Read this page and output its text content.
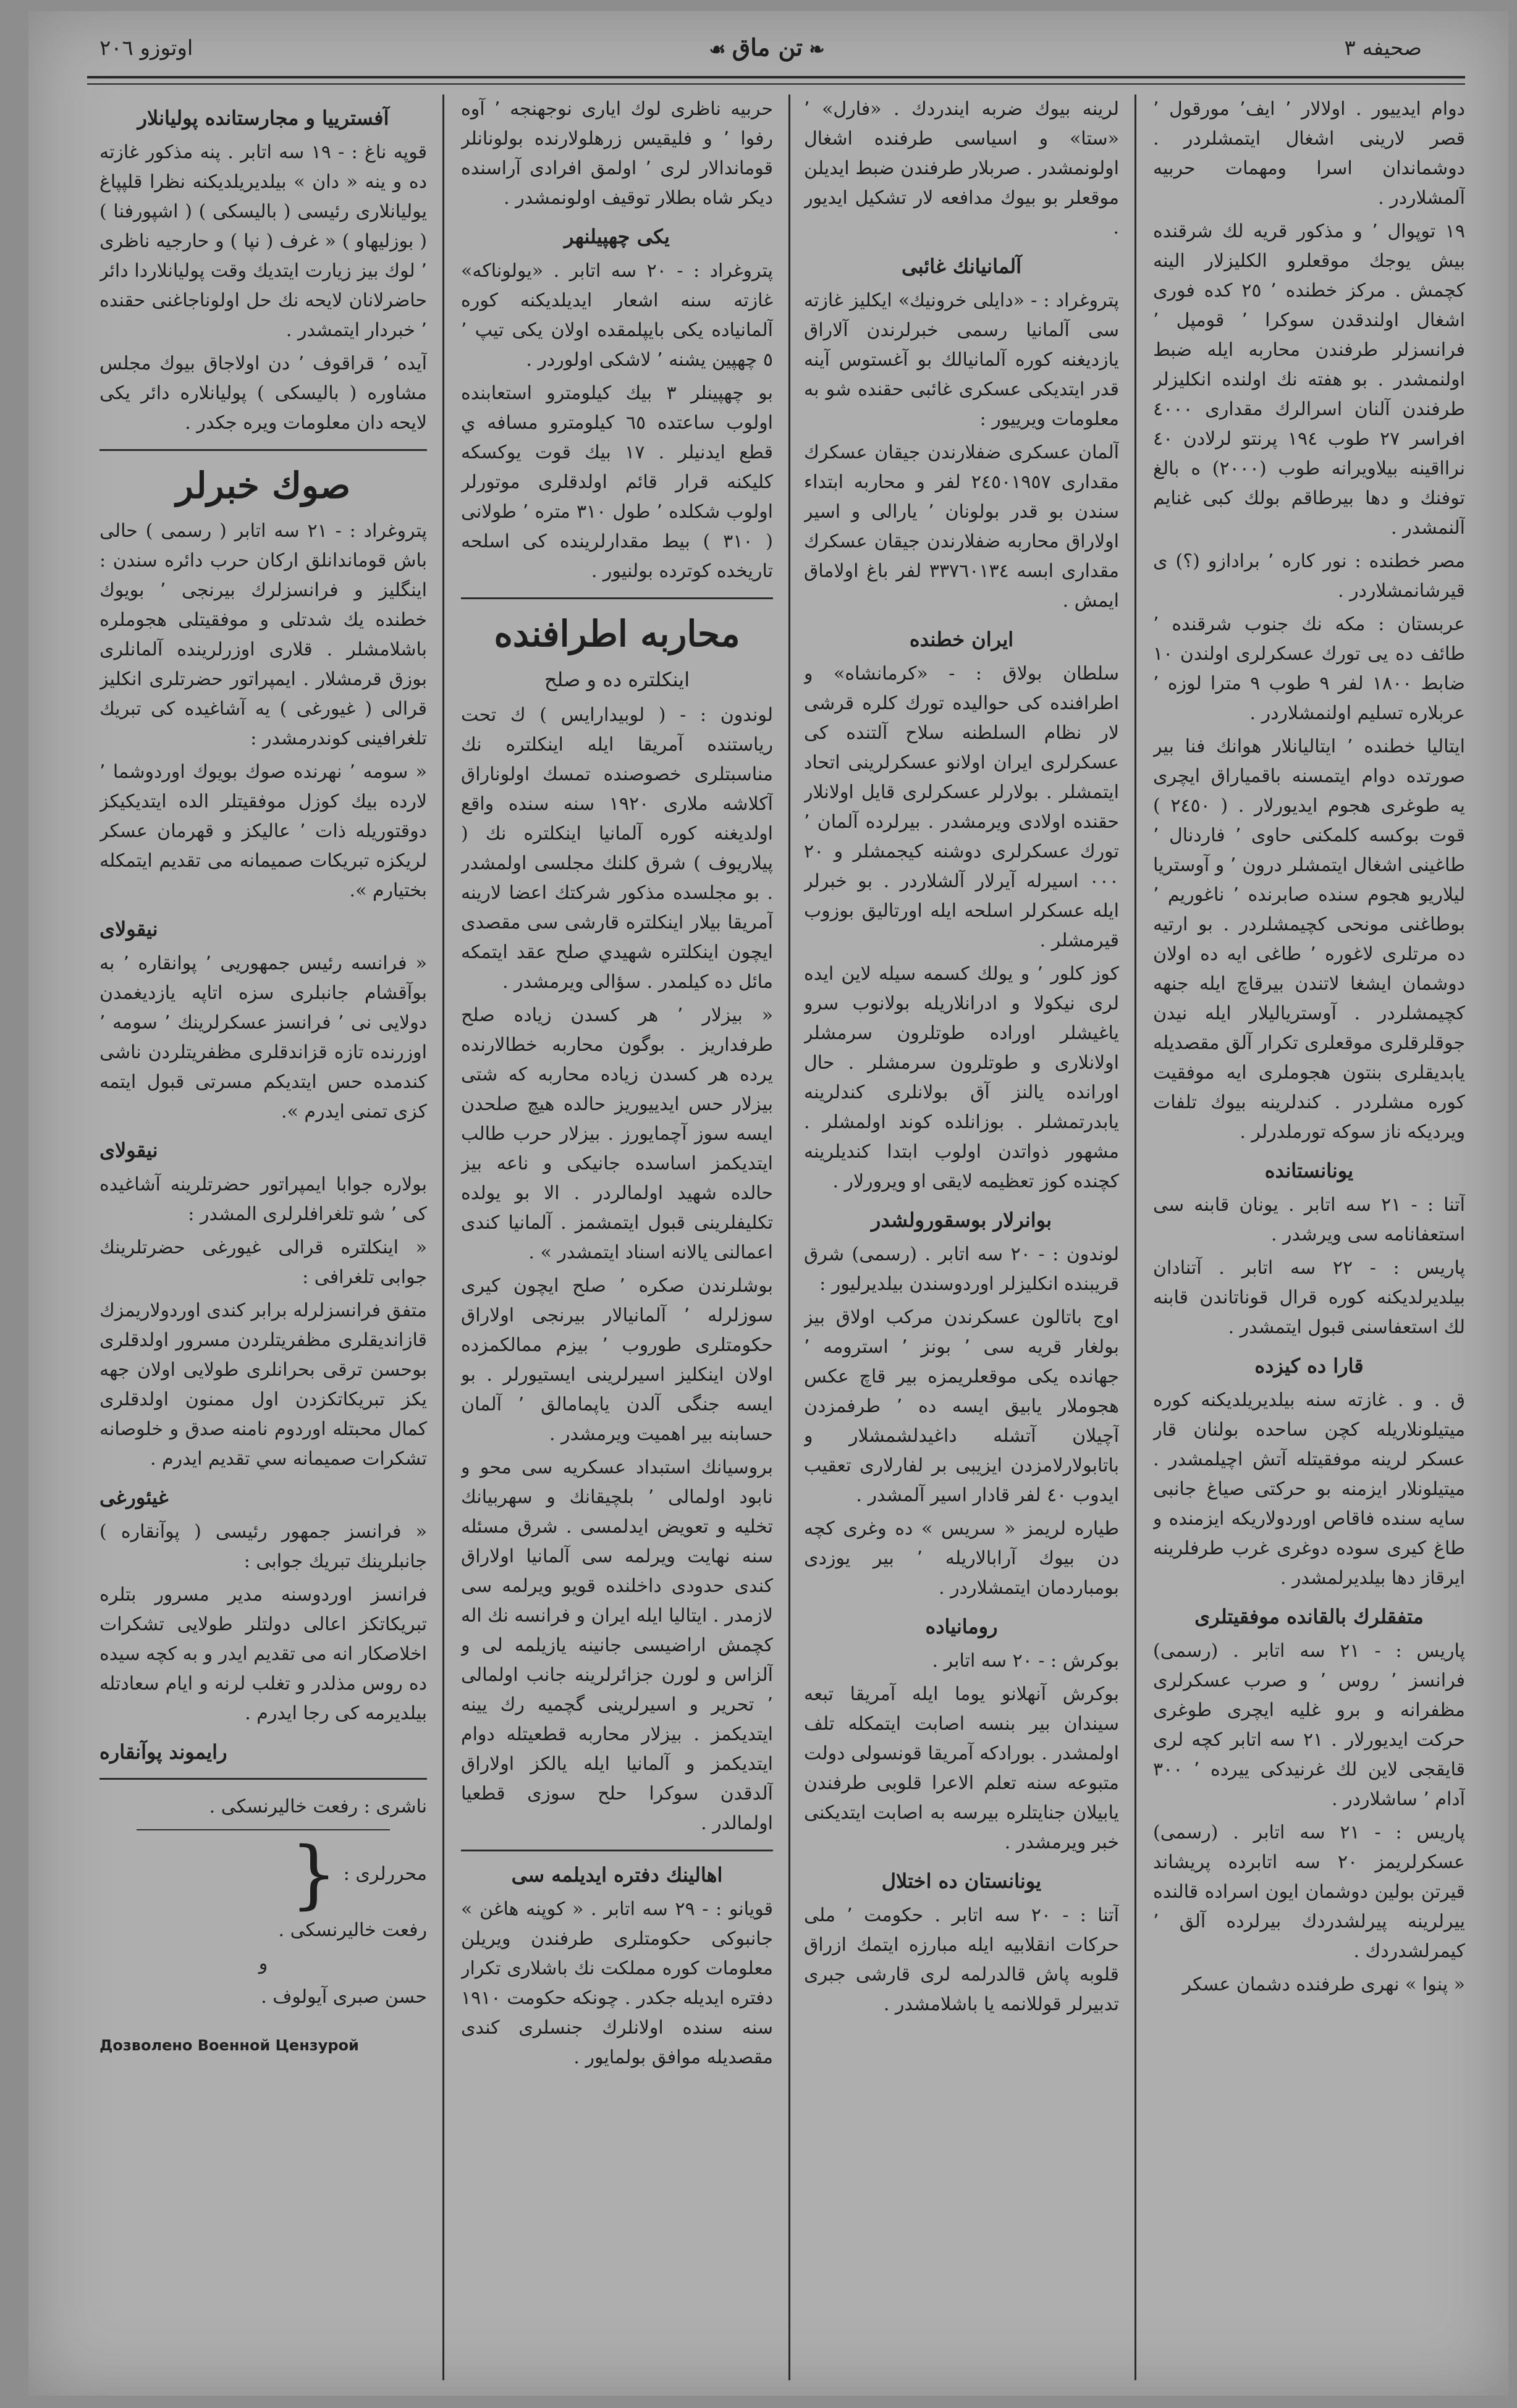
صحيفه ۳
❧ تن ماق ☙
اوتوزو ۲۰٦

دوام ايدييور . اولالار ٬ ايف٬ مورقول ٬ قصر لارينى اشغال ايتمشلردر . دوشماندان اسرا ومهمات حربيه آلمشلاردر .

١٩ توپوال ٬ و مذكور قريه لك شرقنده بيش يوجك موقعلرو الكليزلار الينه كچمش . مركز خطنده ٬ ٢٥ كده فورى اشغال اولندقدن سوكرا ٬ قومپل ٬ فرانسزلر طرفندن محاربه ايله ضبط اولنمشدر . بو هفته نك اولنده انكليزلر طرفندن آلنان اسرالرك مقدارى ٤٠٠٠ افراسر ٢٧ طوب ١٩٤ پرنتو لرلادن ٤٠ نرااقينه بيلاويرانه طوب (٢٠٠٠) ه بالغ توفنك و دها بيرطاقم بولك كبى غنايم آلنمشدر .

مصر خطنده : نور كاره ٬ برادازو (؟) ى قيرشانمشلاردر .

عربستان : مكه نك جنوب شرقنده ٬ طائف ده يى تورك عسكرلرى اولندن ١٠ ضابط ١٨٠٠ لفر ٩ طوب ٩ مترا لوزه ٬ عربلاره تسليم اولنمشلاردر .

ايتاليا خطنده ٬ ايتاليانلار هوانك فنا بير صورتده دوام ايتمسنه باقمياراق ايچرى يه طوغرى هجوم ايديورلار . ( ٢٤٥٠ ) قوت بوكسه كلمكنى حاوى ٬ فاردنال ٬ طاغينى اشغال ايتمشلر درون ٬ و آوستريا ليلاريو هجوم سنده صابرنده ٬ ناغوريم ٬ بوطاغنى مونحى كچيمشلردر . بو ارتيه ده مرتلرى لاغوره ٬ طاغى ايه ده اولان دوشمان ايشغا لاتندن بيرقاچ ايله جنهه كچيمشلردر . آوسترياليلار ايله نيدن جوقلرقلرى موقعلرى تكرار آلق مقصديله يابديقلرى بنتون هجوملرى ايه موفقيت كوره مشلردر . كندلرينه بيوك تلفات ويرديكه ناز سوكه تورملدرلر .

يونانستانده

آتنا : - ٢١ سه اتابر . يونان قابنه سى استعفانامه سى ويرشدر .

پاريس : - ٢٢ سه اتابر . آتنادان بيلديرلديكنه كوره قرال قوناتاندن قابنه لك استعفاسنى قبول ايتمشدر .

قارا ده كيزده

ق . و . غازته سنه بيلديريلديكنه كوره ميتيلونلاريله كچن ساحده بولنان قار عسكر لرينه موفقيتله آتش اچيلمشدر . ميتيلونلار ايزمنه بو حركتى صياغ جانبى سايه سنده فاقاص اوردولاريكه ايزمنده و طاغ كيرى سوده دوغرى غرب طرفلرينه ايرقاز دها بيلديرلمشدر .

متفقلرك بالقانده موفقيتلرى

پاريس : - ٢١ سه اتابر . (رسمى) فرانسز ٬ روس ٬ و صرب عسكرلرى مظفرانه و برو غليه ايچرى طوغرى حركت ايديورلار . ٢١ سه اتابر كچه لرى قايقجى لاين لك غرنيدكى ييرده ٬ ٣٠٠ آدام ٬ ساشلاردر .

پاريس : - ٢١ سه اتابر . (رسمى) عسكرلريمز ٢٠ سه اتابرده پريشاند قيرتن بولين دوشمان ايون اسراده قالنده ييرلرينه پيرلشدردك بيرلرده آلق ٬ كيمرلشدردك .

« پنوا » نهرى طرفنده دشمان عسكر

لرينه بيوك ضربه ايندردك . «فارل» ٬ «ستا» و اسياسى طرفنده اشغال اولونمشدر . صربلار طرفندن ضبط ايديلن موقعلر بو بيوك مدافعه لار تشكيل ايديور .

آلمانيانك غائبى

پتروغراد : - «دايلى خرونيك» ايكليز غازته سى آلمانيا رسمى خبرلرندن آلاراق يازديغنه كوره آلمانيالك بو آغستوس آينه قدر ايتديكى عسكرى غائبى حقنده شو به معلومات ويرييور :

آلمان عسكرى ضفلارندن جيقان عسكرك مقدارى ٢٤٥٠١٩٥٧ لفر و محاربه ابتداء سندن بو قدر بولونان ٬ يارالى و اسير اولاراق محاربه ضفلارندن جيقان عسكرك مقدارى ابسه ٣٣٧٦٠١٣٤ لفر باغ اولاماق ايمش .

ايران خطنده

سلطان بولاق : - «كرمانشاه» و اطرافنده كى حواليده تورك كلره قرشى لار نظام السلطنه سلاح آلتنده كى عسكرلرى ايران اولانو عسكرلرينى اتحاد ايتمشلر . بولارلر عسكرلرى قايل اولانلار حقنده اولادى ويرمشدر . بيرلرده آلمان ٬ تورك عسكرلرى دوشنه كيجمشلر و ٢٠ ٠٠٠ اسيرله آيرلار آلشلاردر . بو خبرلر ايله عسكرلر اسلحه ايله اورتاليق بوزوب قيرمشلر .

كوز كلور ٬ و يولك كسمه سيله لاين ايده لرى نيكولا و ادرانلاريله بولانوب سرو ياغيشلر اوراده طوتلرون سرمشلر اولانلارى و طوتلرون سرمشلر . حال اورانده يالنز آق بولانلرى كندلرينه يابدرتمشلر . بوزانلده كوند اولمشلر . مشهور ذواتدن اولوب ابتدا كنديلرينه كچنده كوز تعظيمه لايقى او ويرورلار .

بوانرلار بوسقورولشدر

لوندون : - ٢٠ سه اتابر . (رسمى) شرق قريبنده انكليزلر اوردوسندن بيلديرليور :

اوج باتالون عسكرندن مركب اولاق بيز بولغار قريه سى ٬ بونز ٬ استرومه ٬ جهانده يكى موقعلريمزه بير قاچ عكس هجوملار يابيق ايسه ده ٬ طرفمزدن آچيلان آتشله داغيدلشمشلار و باتابولارلامزدن ايزيبى بر لفارلارى تعقيب ايدوب ٤٠ لفر قادار اسير آلمشدر .

طياره لريمز « سريس » ده وغرى كچه دن بيوك آرابالاريله ٬ بير يوزدى بومباردمان ايتمشلاردر .

رومانياده

بوكرش : - ٢٠ سه اتابر .

بوكرش آنهلانو يوما ايله آمريقا تبعه سيندان بير بنسه اصابت ايتمكله تلف اولمشدر . بورادكه آمريقا قونسولى دولت متبوعه سنه تعلم الاعرا قلوبى طرفندن يابيلان جنايتلره بيرسه به اصابت ايتديكنى خبر ويرمشدر .

يونانستان ده اختلال

آتنا : - ٢٠ سه اتابر . حكومت ٬ ملى حركات انقلابيه ايله مبارزه ايتمك ازراق قلوبه پاش قالدرلمه لرى قارشى جبرى تدبيرلر قوللانمه يا باشلامشدر .

حربيه ناظرى لوك ايارى نوجهنجه ٬ آوه رفوا ٬ و فليقيس زرهلولارنده بولونانلر قوماندالار لرى ٬ اولمق افرادى آراسنده ديكر شاه بطلار توقيف اولونمشدر .

يكى چهپيلنهر

پتروغراد : - ٢٠ سه اتابر . «يولوناكه» غازته سنه اشعار ايديلديكنه كوره آلمانياده يكى بايپلمقده اولان يكى تيپ ٬ ٥ چهپين يشنه ٬ لاشكى اولوردر .

بو چهپينلر ٣ بيك كيلومترو استعابنده اولوب ساعتده ٦٥ كيلومترو مسافه ي قطع ايدنيلر . ١٧ بيك قوت يوكسكه كليكنه قرار قائم اولدقلرى موتورلر اولوب شكلده ٬ طول ٣١٠ متره ٬ طولانى ( ٣١٠ ) بيط مقدارلرينده كى اسلحه تاريخده كوترده بولنيور .

محاربه اطرافنده
اينكلتره ده و صلح

لوندون : - ( لوبيدارايس ) ك تحت رياستنده آمريقا ايله اينكلتره نك مناسبتلرى خصوصنده تمسك اولوناراق آكلاشه ملارى ١٩٢٠ سنه سنده واقع اولديغنه كوره آلمانيا اينكلتره نك ( پيلاريوف ) شرق كلنك مجلسى اولمشدر . بو مجلسده مذكور شركتك اعضا لارينه آمريقا بيلار اينكلتره قارشى سى مقصدى ايچون اينكلتره شهيدي صلح عقد ايتمكه مائل ده كيلمدر . سؤالى ويرمشدر .

« بيزلار ٬ هر كسدن زياده صلح طرفداريز . بوگون محاربه خطالارنده يرده هر كسدن زياده محاربه كه شتى بيزلار حس ايدييوريز حالده هيچ صلحدن ايسه سوز آچمايورز . بيزلار حرب طالب ايتديكمز اساسده جانيكى و ناعه بيز حالده شهيد اولمالردر . الا بو يولده تكليفلرينى قبول ايتمشمز . آلمانيا كندى اعمالنى يالانه اسناد ايتمشدر » .

بوشلرندن صكره ٬ صلح ايچون كيرى سوزلرله ٬ آلمانيالار بيرنجى اولاراق حكومتلرى طوروب ٬ بيزم ممالكمزده اولان اينكليز اسيرلرينى ايستيورلر . بو ايسه جنگى آلدن ياپمامالق ٬ آلمان حسابنه بير اهميت ويرمشدر .

بروسيانك استبداد عسكريه سى محو و نابود اولمالى ٬ بلچيقانك و سهربيانك تخليه و تعويض ايدلمسى . شرق مسئله سنه نهايت ويرلمه سى آلمانيا اولاراق كندى حدودى داخلنده قويو ويرلمه سى لازمدر . ايتاليا ايله ايران و فرانسه نك اله كچمش اراضيسى جانينه يازيلمه لى و آلزاس و لورن جزائرلرينه جانب اولمالى ٬ تحرير و اسيرلرينى گچميه رك يينه ايتديكمز . بيزلار محاربه قطعيتله دوام ايتديكمز و آلمانيا ايله يالكز اولاراق آلدقدن سوكرا حلح سوزى قطعيا اولمالدر .

اهالينك دفتره ايديلمه سى

قويانو : - ٢٩ سه اتابر . « كوپنه هاغن » جانبوكى حكومتلرى طرفندن ويريلن معلومات كوره مملكت نك باشلارى تكرار دفتره ايديله جكدر . چونكه حكومت ١٩١٠ سنه سنده اولانلرك جنسلرى كندى مقصديله موافق بولمايور .

آفسترييا و مجارستانده پوليانلار

قوپه ناغ : - ١٩ سه اتابر . پنه مذكور غازته ده و ينه « دان » بيلديريلديكنه نظرا قلپپاغ يوليانلارى رئيسى ( باليسكى ) ( اشپورفنا ) ( بوزليهاو ) « غرف ( نپا ) و حارجيه ناظرى ٬ لوك بيز زيارت ايتديك وقت پوليانلاردا دائر حاضرلانان لايحه نك حل اولوناجاغنى حقنده ٬ خبردار ايتمشدر .

آيده ٬ قراقوف ٬ دن اولاجاق بيوك مجلس مشاوره ( باليسكى ) پوليانلاره دائر يكى لايحه دان معلومات ويره جكدر .

صوك خبرلر

پتروغراد : - ٢١ سه اتابر ( رسمى ) حالى باش قوماندانلق اركان حرب دائره سندن : اينگليز و فرانسزلرك بيرنجى ٬ بويوك خطنده يك شدتلى و موفقيتلى هجوملره باشلامشلر . قلارى اوزرلرينده آلمانلرى بوزق قرمشلار . ايمپراتور حضرتلرى انكليز قرالى ( غيورغى ) يه آشاغيده كى تبريك تلغرافينى كوندرمشدر :

« سومه ٬ نهرنده صوك بويوك اوردوشما ٬ لارده بيك كوزل موفقيتلر الده ايتديكيكز دوقتوريله ذات ٬ عاليكز و قهرمان عسكر لريكزه تبريكات صميمانه مى تقديم ايتمكله بختيارم ».

نيقولاى

« فرانسه رئيس جمهوريى ٬ پوانقاره ٬ به بوآقشام جانبلرى سزه اتاپه يازديغمدن دولايى نى ٬ فرانسز عسكرلرينك ٬ سومه ٬ اوزرنده تازه قزاندقلرى مظفريتلردن ناشى كندمده حس ايتديكم مسرتى قبول ايتمه كزى تمنى ايدرم ».

نيقولاى

بولاره جوابا ايمپراتور حضرتلرينه آشاغيده كى ٬ شو تلغرافلرلرى المشدر :

« اينكلتره قرالى غيورغى حضرتلرينك جوابى تلغرافى :

متفق فرانسزلرله برابر كندى اوردولاريمزك قازانديقلرى مظفريتلردن مسرور اولدقلرى بوحسن ترقى بحرانلرى طولايى اولان جهه يكز تبريكاتكزدن اول ممنون اولدقلرى كمال محبتله اوردوم نامنه صدق و خلوصانه تشكرات صميمانه سي تقديم ايدرم .

غيئورغى

« فرانسز جمهور رئيسى ( پوآنقاره ) جانبلرينك تبريك جوابى :

فرانسز اوردوسنه مدير مسرور بتلره تبريكاتكز اعالى دولتلر طولايى تشكرات اخلاصكار انه مى تقديم ايدر و به كچه سيده ده روس مذلدر و تغلب لرنه و ايام سعادتله بيلديرمه كى رجا ايدرم .

رايموند پوآنقاره

ناشرى : رفعت خاليرنسكى .

محررلرى : {

رفعت خاليرنسكى .

و

حسن صبرى آيولوف .

Дозволено Военной Цензурой
